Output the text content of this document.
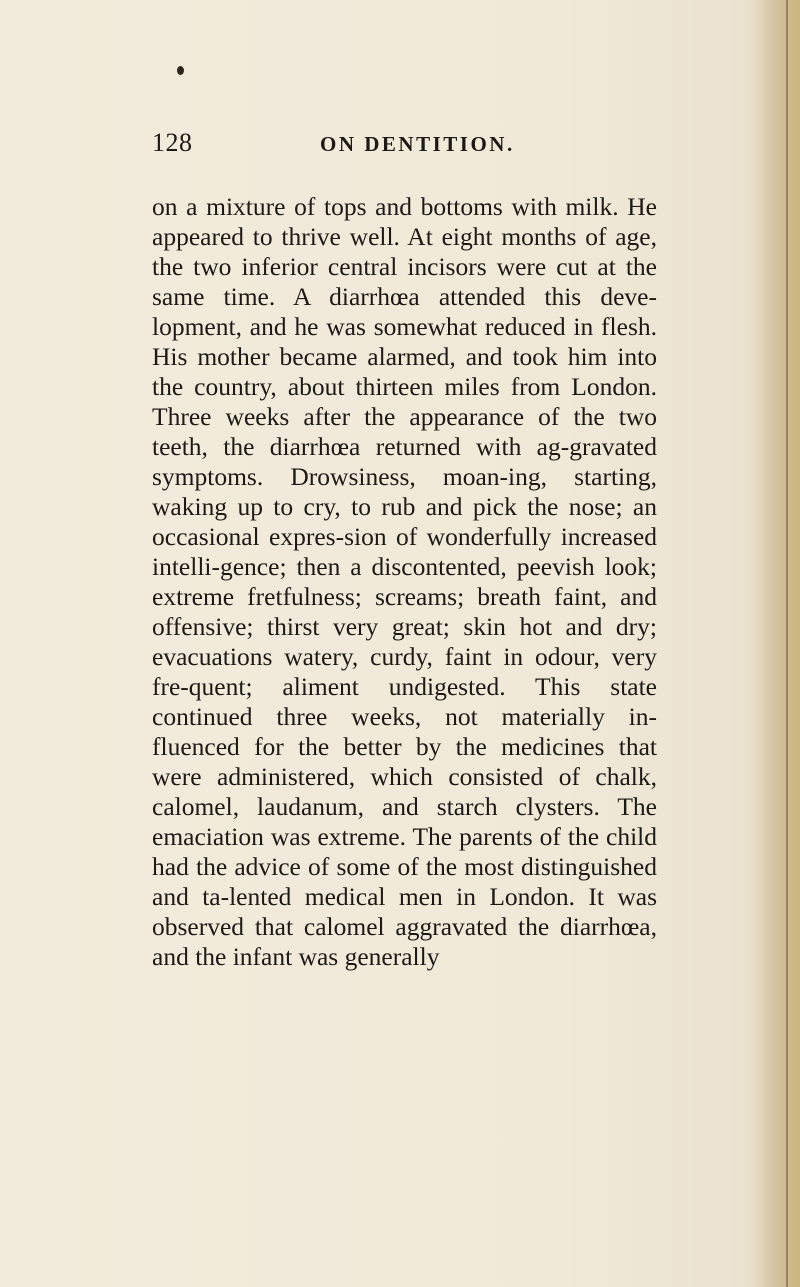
128	ON DENTITION.

on a mixture of tops and bottoms with milk. He appeared to thrive well. At eight months of age, the two inferior central incisors were cut at the same time. A diarrhœa attended this deve-lopment, and he was somewhat reduced in flesh. His mother became alarmed, and took him into the country, about thirteen miles from London. Three weeks after the appearance of the two teeth, the diarrhœa returned with ag-gravated symptoms. Drowsiness, moan-ing, starting, waking up to cry, to rub and pick the nose; an occasional expres-sion of wonderfully increased intelli-gence; then a discontented, peevish look; extreme fretfulness; screams; breath faint, and offensive; thirst very great; skin hot and dry; evacuations watery, curdy, faint in odour, very fre-quent; aliment undigested. This state continued three weeks, not materially in-fluenced for the better by the medicines that were administered, which consisted of chalk, calomel, laudanum, and starch clysters. The emaciation was extreme. The parents of the child had the advice of some of the most distinguished and ta-lented medical men in London. It was observed that calomel aggravated the diarrhœa, and the infant was generally
